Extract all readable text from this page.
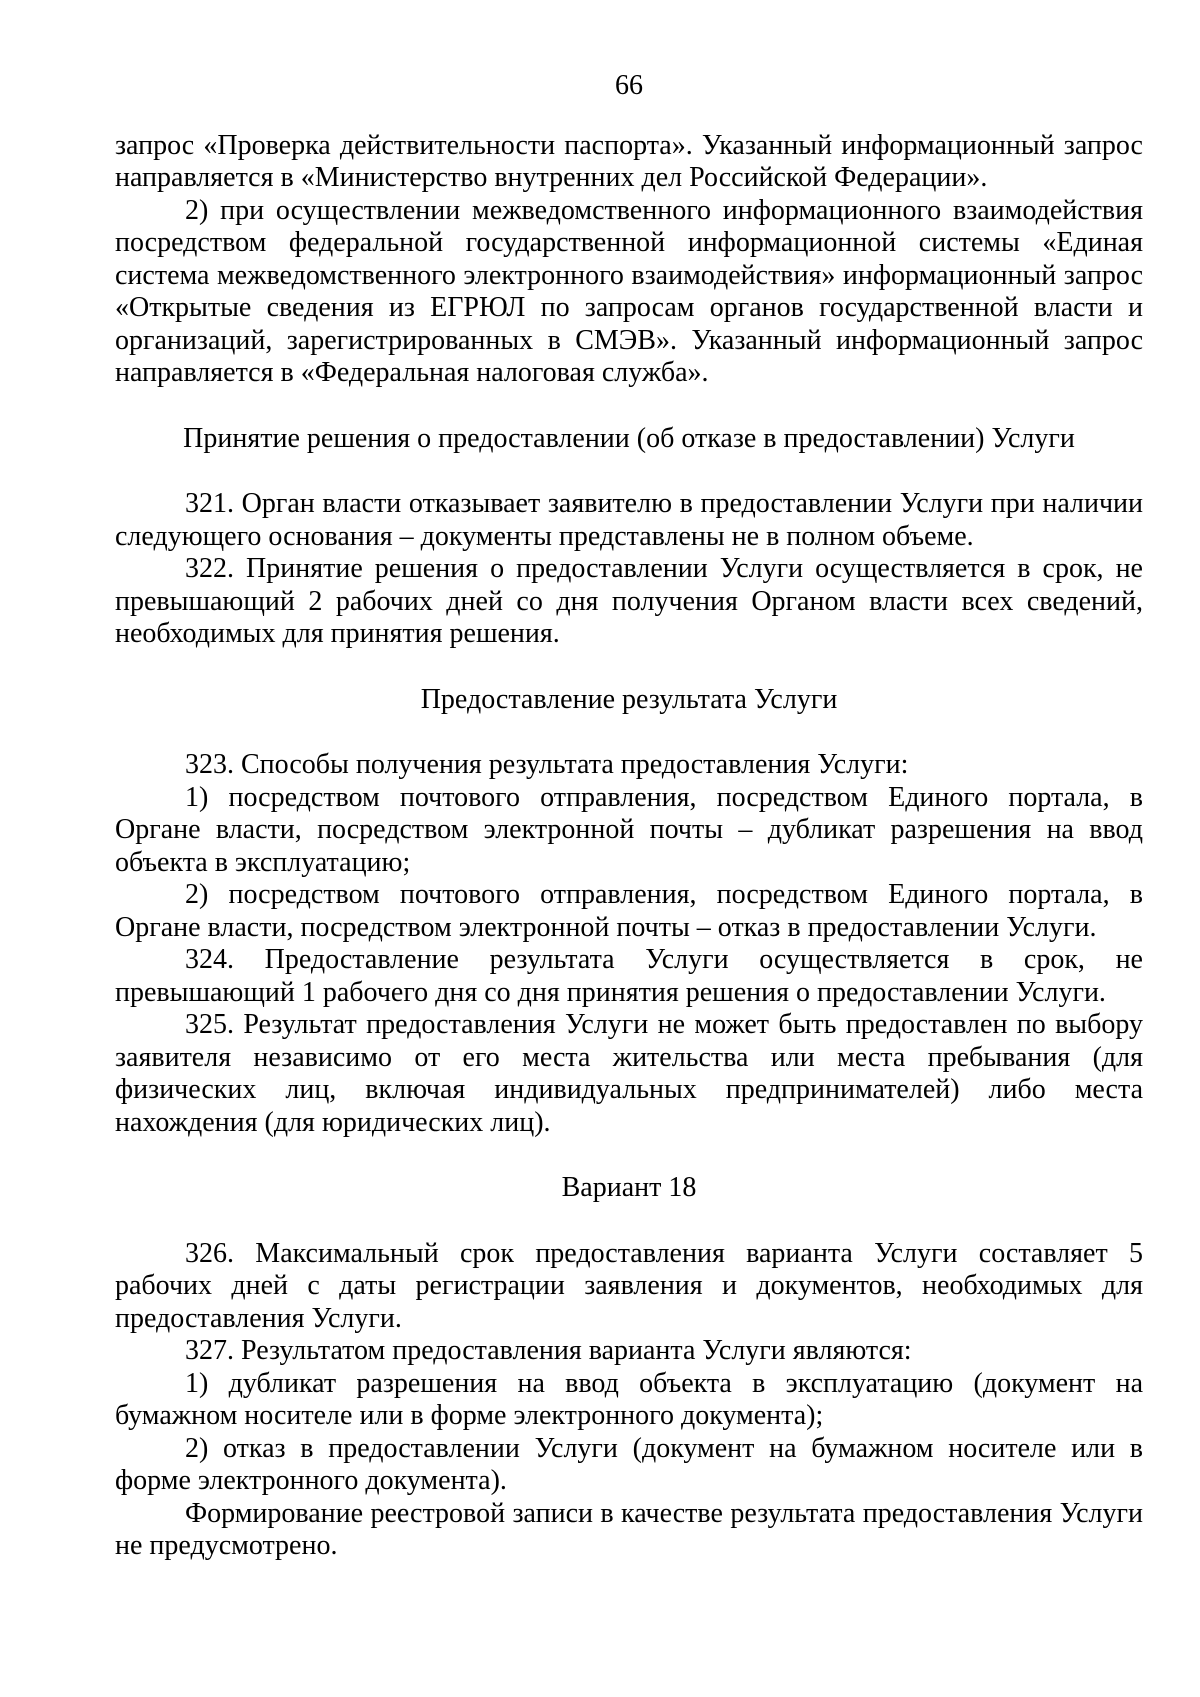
66

запрос «Проверка действительности паспорта». Указанный информационный запрос направляется в «Министерство внутренних дел Российской Федерации».

2) при осуществлении межведомственного информационного взаимодействия посредством федеральной государственной информационной системы «Единая система межведомственного электронного взаимодействия» информационный запрос «Открытые сведения из ЕГРЮЛ по запросам органов государственной власти и организаций, зарегистрированных в СМЭВ». Указанный информационный запрос направляется в «Федеральная налоговая служба».

Принятие решения о предоставлении (об отказе в предоставлении) Услуги

321. Орган власти отказывает заявителю в предоставлении Услуги при наличии следующего основания – документы представлены не в полном объеме.

322. Принятие решения о предоставлении Услуги осуществляется в срок, не превышающий 2 рабочих дней со дня получения Органом власти всех сведений, необходимых для принятия решения.

Предоставление результата Услуги

323. Способы получения результата предоставления Услуги:

1) посредством почтового отправления, посредством Единого портала, в Органе власти, посредством электронной почты – дубликат разрешения на ввод объекта в эксплуатацию;

2) посредством почтового отправления, посредством Единого портала, в Органе власти, посредством электронной почты – отказ в предоставлении Услуги.

324. Предоставление результата Услуги осуществляется в срок, не превышающий 1 рабочего дня со дня принятия решения о предоставлении Услуги.

325. Результат предоставления Услуги не может быть предоставлен по выбору заявителя независимо от его места жительства или места пребывания (для физических лиц, включая индивидуальных предпринимателей) либо места нахождения (для юридических лиц).

Вариант 18

326. Максимальный срок предоставления варианта Услуги составляет 5 рабочих дней с даты регистрации заявления и документов, необходимых для предоставления Услуги.

327. Результатом предоставления варианта Услуги являются:

1) дубликат разрешения на ввод объекта в эксплуатацию (документ на бумажном носителе или в форме электронного документа);

2) отказ в предоставлении Услуги (документ на бумажном носителе или в форме электронного документа).

Формирование реестровой записи в качестве результата предоставления Услуги не предусмотрено.
